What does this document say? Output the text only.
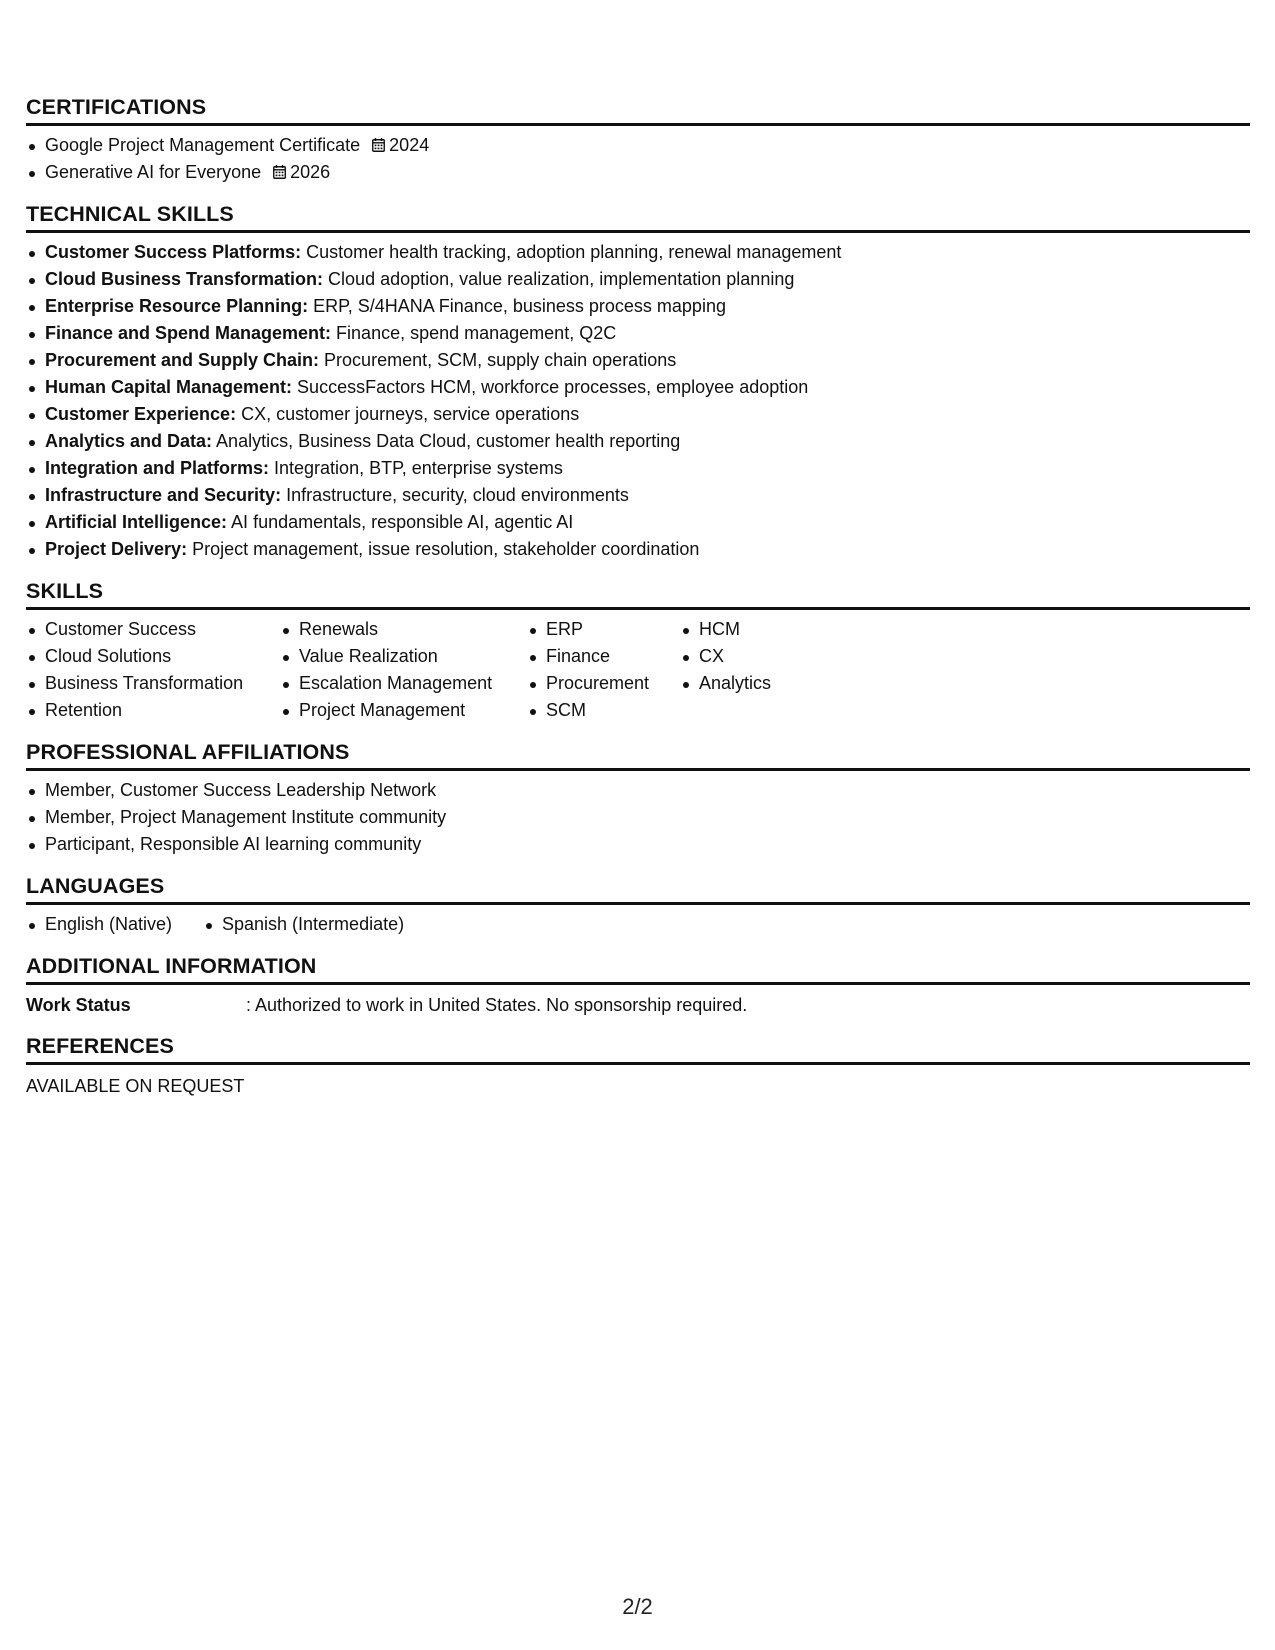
CERTIFICATIONS
Google Project Management Certificate 2024
Generative AI for Everyone 2026
TECHNICAL SKILLS
Customer Success Platforms: Customer health tracking, adoption planning, renewal management
Cloud Business Transformation: Cloud adoption, value realization, implementation planning
Enterprise Resource Planning: ERP, S/4HANA Finance, business process mapping
Finance and Spend Management: Finance, spend management, Q2C
Procurement and Supply Chain: Procurement, SCM, supply chain operations
Human Capital Management: SuccessFactors HCM, workforce processes, employee adoption
Customer Experience: CX, customer journeys, service operations
Analytics and Data: Analytics, Business Data Cloud, customer health reporting
Integration and Platforms: Integration, BTP, enterprise systems
Infrastructure and Security: Infrastructure, security, cloud environments
Artificial Intelligence: AI fundamentals, responsible AI, agentic AI
Project Delivery: Project management, issue resolution, stakeholder coordination
SKILLS
Customer Success
Cloud Solutions
Business Transformation
Retention
Renewals
Value Realization
Escalation Management
Project Management
ERP
Finance
Procurement
SCM
HCM
CX
Analytics
PROFESSIONAL AFFILIATIONS
Member, Customer Success Leadership Network
Member, Project Management Institute community
Participant, Responsible AI learning community
LANGUAGES
English (Native)	Spanish (Intermediate)
ADDITIONAL INFORMATION
Work Status	: Authorized to work in United States. No sponsorship required.
REFERENCES
AVAILABLE ON REQUEST
2/2
